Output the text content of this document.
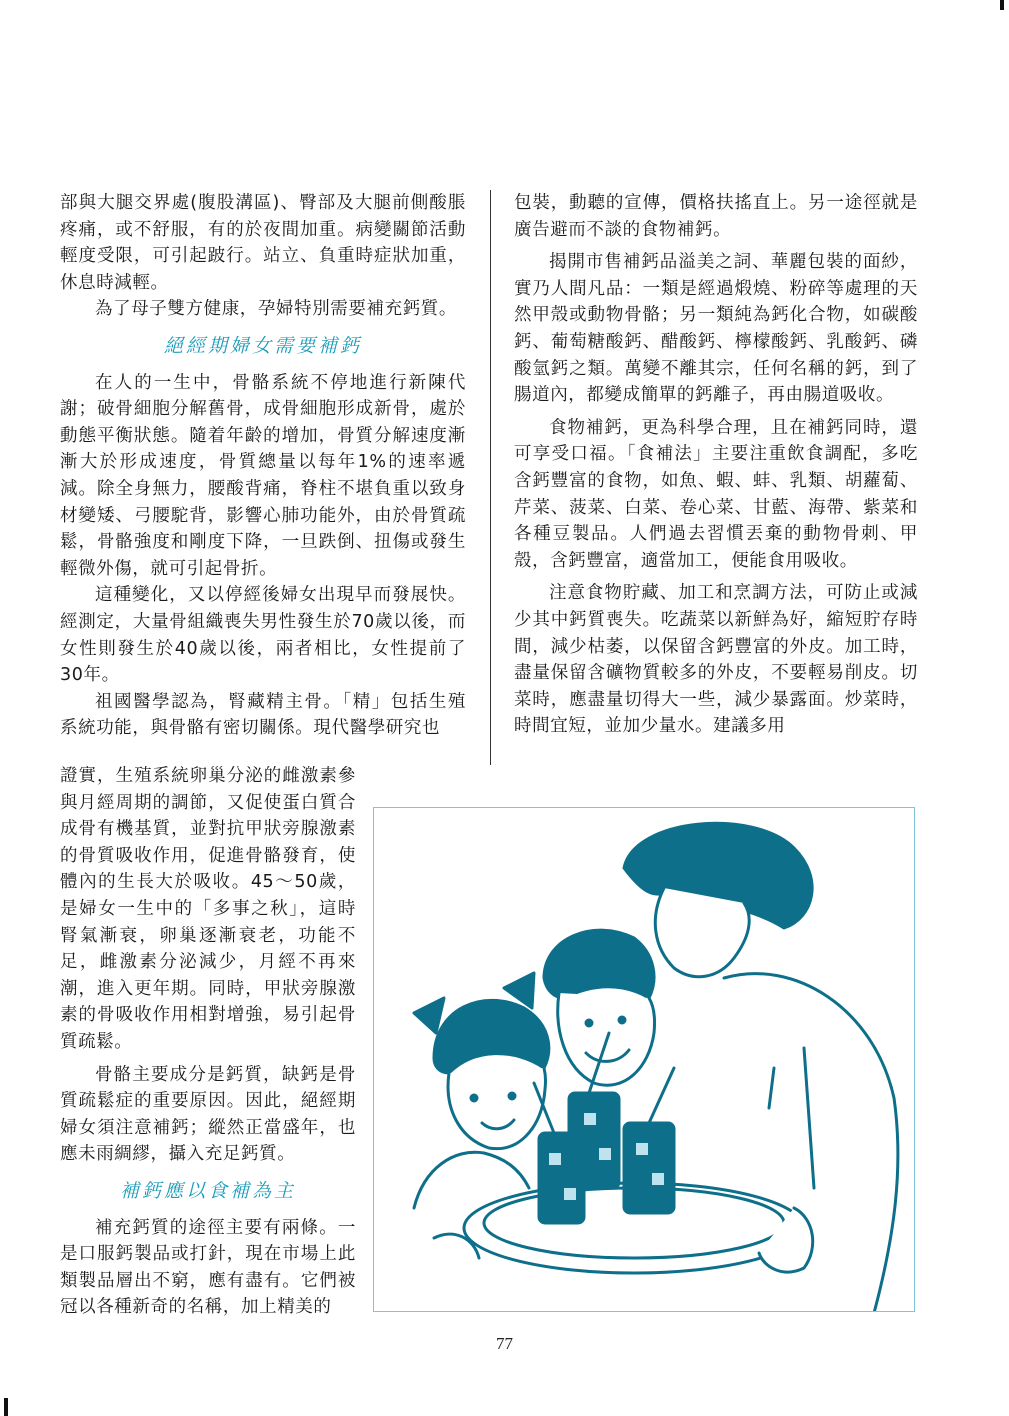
部與大腿交界處(腹股溝區)、臀部及大腿前側酸脹疼痛，或不舒服，有的於夜間加重。病變關節活動輕度受限，可引起跛行。站立、負重時症狀加重，休息時減輕。

為了母子雙方健康，孕婦特別需要補充鈣質。

絕經期婦女需要補鈣

在人的一生中，骨骼系統不停地進行新陳代謝；破骨細胞分解舊骨，成骨細胞形成新骨，處於動態平衡狀態。隨着年齡的增加，骨質分解速度漸漸大於形成速度，骨質總量以每年1%的速率遞減。除全身無力，腰酸背痛，脊柱不堪負重以致身材變矮、弓腰駝背，影響心肺功能外，由於骨質疏鬆，骨骼強度和剛度下降，一旦跌倒、扭傷或發生輕微外傷，就可引起骨折。

這種變化，又以停經後婦女出現早而發展快。經測定，大量骨組織喪失男性發生於70歲以後，而女性則發生於40歲以後，兩者相比，女性提前了30年。

祖國醫學認為，腎藏精主骨。「精」包括生殖系統功能，與骨骼有密切關係。現代醫學研究也

證實，生殖系統卵巢分泌的雌激素參與月經周期的調節，又促使蛋白質合成骨有機基質，並對抗甲狀旁腺激素的骨質吸收作用，促進骨骼發育，使體內的生長大於吸收。45～50歲，是婦女一生中的「多事之秋」，這時腎氣漸衰，卵巢逐漸衰老，功能不足，雌激素分泌減少，月經不再來潮，進入更年期。同時，甲狀旁腺激素的骨吸收作用相對增強，易引起骨質疏鬆。

骨骼主要成分是鈣質，缺鈣是骨質疏鬆症的重要原因。因此，絕經期婦女須注意補鈣；縱然正當盛年，也應未雨綢繆，攝入充足鈣質。

補鈣應以食補為主

補充鈣質的途徑主要有兩條。一是口服鈣製品或打針，現在市場上此類製品層出不窮，應有盡有。它們被冠以各種新奇的名稱，加上精美的

包裝，動聽的宣傳，價格扶搖直上。另一途徑就是廣告避而不談的食物補鈣。

揭開市售補鈣品溢美之詞、華麗包裝的面紗，實乃人間凡品：一類是經過煅燒、粉碎等處理的天然甲殼或動物骨骼；另一類純為鈣化合物，如碳酸鈣、葡萄糖酸鈣、醋酸鈣、檸檬酸鈣、乳酸鈣、磷酸氫鈣之類。萬變不離其宗，任何名稱的鈣，到了腸道內，都變成簡單的鈣離子，再由腸道吸收。

食物補鈣，更為科學合理，且在補鈣同時，還可享受口福。「食補法」主要注重飲食調配，多吃含鈣豐富的食物，如魚、蝦、蚌、乳類、胡蘿蔔、芹菜、菠菜、白菜、卷心菜、甘藍、海帶、紫菜和各種豆製品。人們過去習慣丟棄的動物骨刺、甲殼，含鈣豐富，適當加工，便能食用吸收。

注意食物貯藏、加工和烹調方法，可防止或減少其中鈣質喪失。吃蔬菜以新鮮為好，縮短貯存時間，減少枯萎，以保留含鈣豐富的外皮。加工時，盡量保留含礦物質較多的外皮，不要輕易削皮。切菜時，應盡量切得大一些，減少暴露面。炒菜時，時間宜短，並加少量水。建議多用

77
